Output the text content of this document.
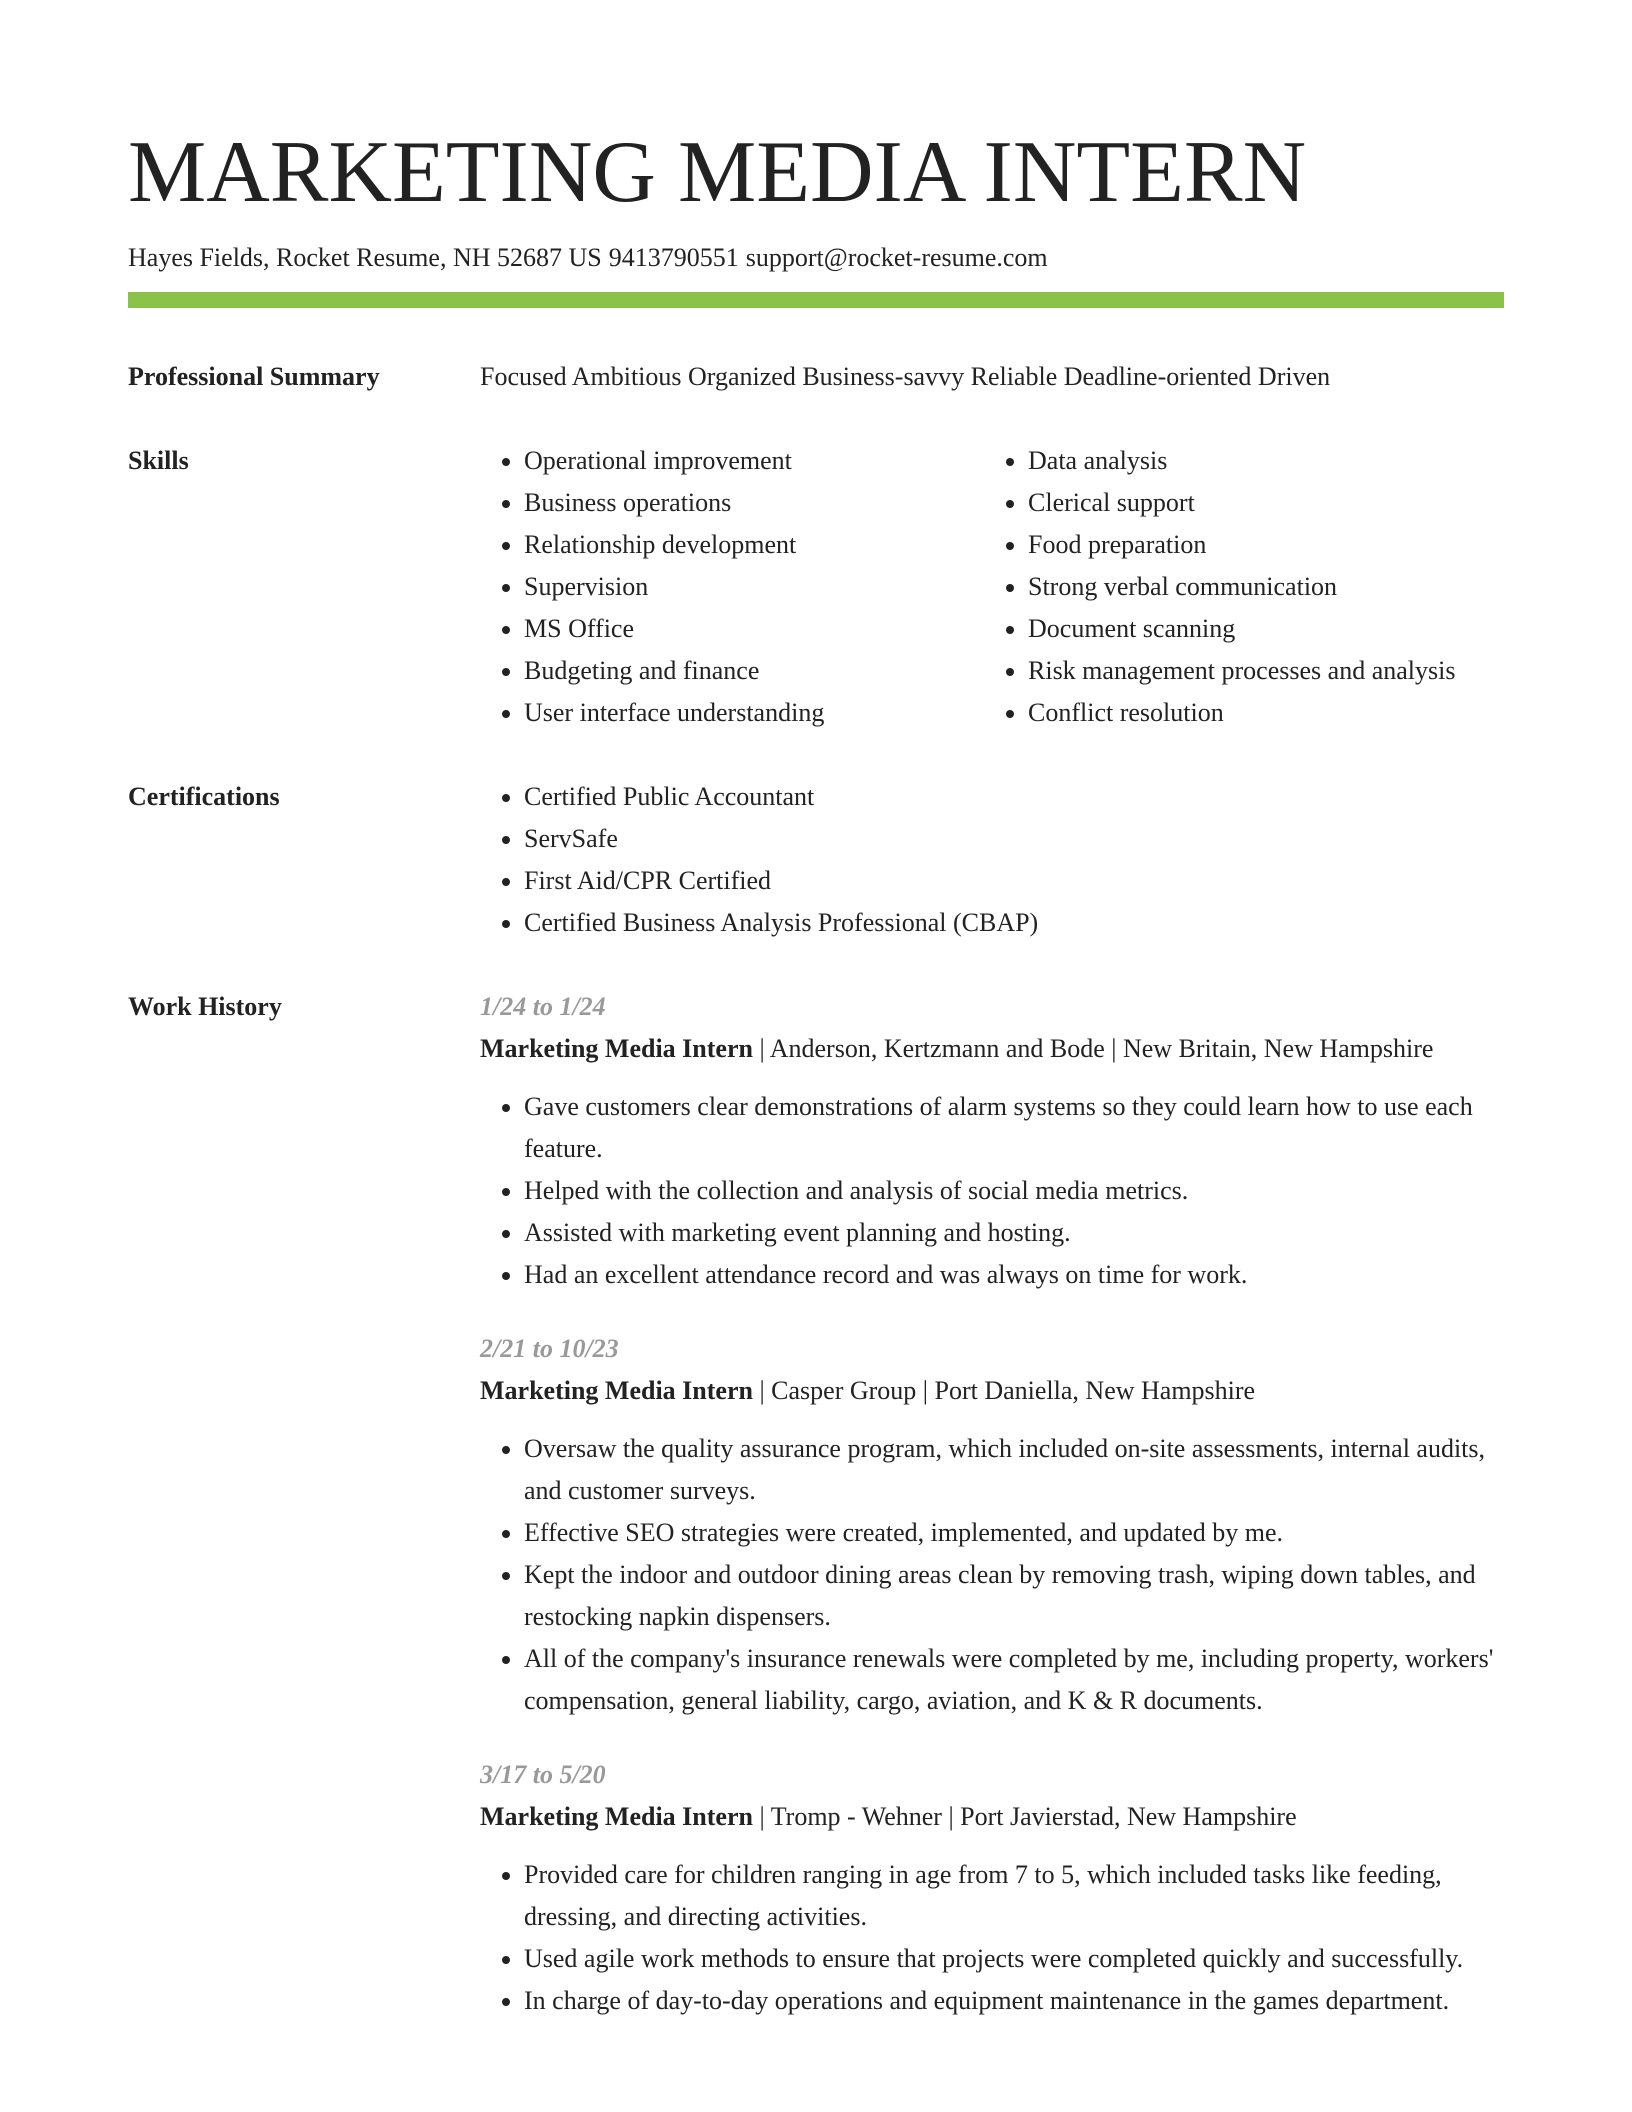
MARKETING MEDIA INTERN
Hayes Fields, Rocket Resume, NH 52687 US 9413790551 support@rocket-resume.com
Professional Summary	Focused Ambitious Organized Business-savvy Reliable Deadline-oriented Driven
Skills	• Operational improvement
• Business operations
• Relationship development
• Supervision
• MS Office
• Budgeting and finance
• User interface understanding
• Data analysis
• Clerical support
• Food preparation
• Strong verbal communication
• Document scanning
• Risk management processes and analysis
• Conflict resolution
Certifications	• Certified Public Accountant
• ServSafe
• First Aid/CPR Certified
• Certified Business Analysis Professional (CBAP)
Work History	1/24 to 1/24
Marketing Media Intern | Anderson, Kertzmann and Bode | New Britain, New Hampshire
• Gave customers clear demonstrations of alarm systems so they could learn how to use each feature.
• Helped with the collection and analysis of social media metrics.
• Assisted with marketing event planning and hosting.
• Had an excellent attendance record and was always on time for work.
2/21 to 10/23
Marketing Media Intern | Casper Group | Port Daniella, New Hampshire
• Oversaw the quality assurance program, which included on-site assessments, internal audits, and customer surveys.
• Effective SEO strategies were created, implemented, and updated by me.
• Kept the indoor and outdoor dining areas clean by removing trash, wiping down tables, and restocking napkin dispensers.
• All of the company's insurance renewals were completed by me, including property, workers' compensation, general liability, cargo, aviation, and K & R documents.
3/17 to 5/20
Marketing Media Intern | Tromp - Wehner | Port Javierstad, New Hampshire
• Provided care for children ranging in age from 7 to 5, which included tasks like feeding, dressing, and directing activities.
• Used agile work methods to ensure that projects were completed quickly and successfully.
• In charge of day-to-day operations and equipment maintenance in the games department.
